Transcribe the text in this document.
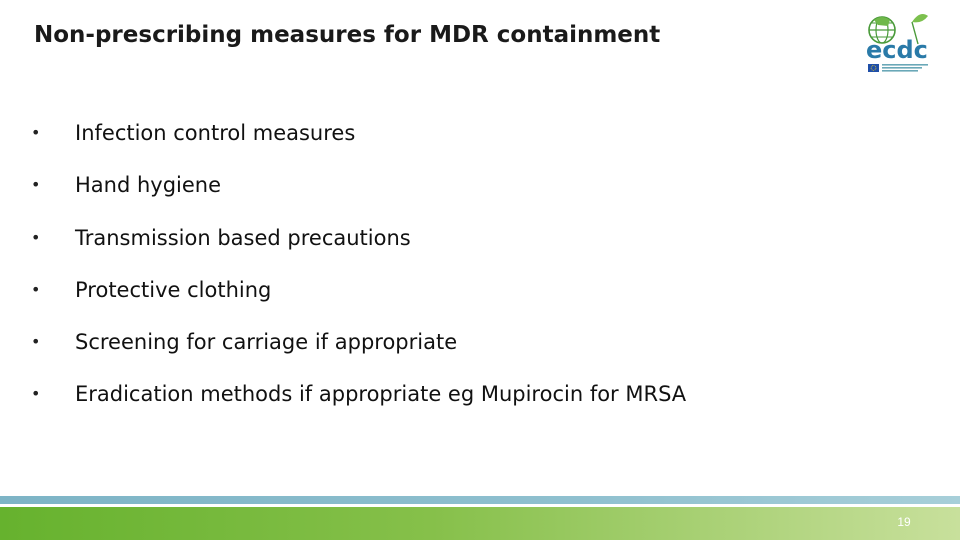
Non-prescribing measures for MDR containment
ecdc
• Infection control measures
• Hand hygiene
• Transmission based precautions
• Protective clothing
• Screening for carriage if appropriate
• Eradication methods if appropriate eg Mupirocin for MRSA
19
